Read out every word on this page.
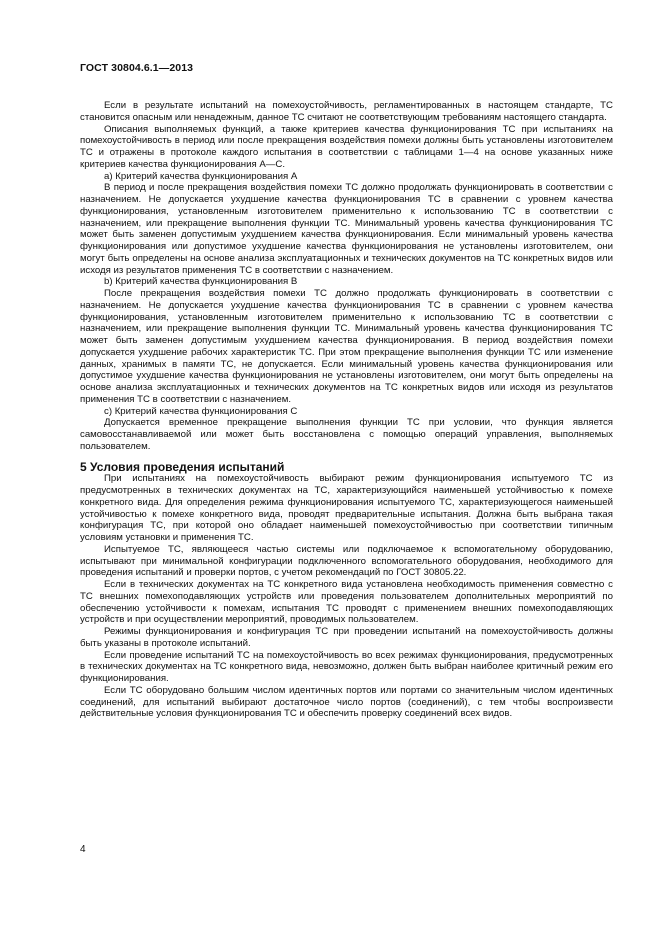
ГОСТ 30804.6.1—2013

Если в результате испытаний на помехоустойчивость, регламентированных в настоящем стандарте, ТС становится опасным или ненадежным, данное ТС считают не соответствующим требованиям настоящего стандарта.

Описания выполняемых функций, а также критериев качества функционирования ТС при испытаниях на помехоустойчивость в период или после прекращения воздействия помехи должны быть установлены изготовителем ТС и отражены в протоколе каждого испытания в соответствии с таблицами 1—4 на основе указанных ниже критериев качества функционирования А—С.

а) Критерий качества функционирования А

В период и после прекращения воздействия помехи ТС должно продолжать функционировать в соответствии с назначением. Не допускается ухудшение качества функционирования ТС в сравнении с уровнем качества функционирования, установленным изготовителем применительно к использованию ТС в соответствии с назначением, или прекращение выполнения функции ТС. Минимальный уровень качества функционирования ТС может быть заменен допустимым ухудшением качества функционирования. Если минимальный уровень качества функционирования или допустимое ухудшение качества функционирования не установлены изготовителем, они могут быть определены на основе анализа эксплуатационных и технических документов на ТС конкретных видов или исходя из результатов применения ТС в соответствии с назначением.

b) Критерий качества функционирования В

После прекращения воздействия помехи ТС должно продолжать функционировать в соответствии с назначением. Не допускается ухудшение качества функционирования ТС в сравнении с уровнем качества функционирования, установленным изготовителем применительно к использованию ТС в соответствии с назначением, или прекращение выполнения функции ТС. Минимальный уровень качества функционирования ТС может быть заменен допустимым ухудшением качества функционирования. В период воздействия помехи допускается ухудшение рабочих характеристик ТС. При этом прекращение выполнения функции ТС или изменение данных, хранимых в памяти ТС, не допускается. Если минимальный уровень качества функционирования или допустимое ухудшение качества функционирования не установлены изготовителем, они могут быть определены на основе анализа эксплуатационных и технических документов на ТС конкретных видов или исходя из результатов применения ТС в соответствии с назначением.

с) Критерий качества функционирования С

Допускается временное прекращение выполнения функции ТС при условии, что функция является самовосстанавливаемой или может быть восстановлена с помощью операций управления, выполняемых пользователем.

5 Условия проведения испытаний

При испытаниях на помехоустойчивость выбирают режим функционирования испытуемого ТС из предусмотренных в технических документах на ТС, характеризующийся наименьшей устойчивостью к помехе конкретного вида. Для определения режима функционирования испытуемого ТС, характеризующегося наименьшей устойчивостью к помехе конкретного вида, проводят предварительные испытания. Должна быть выбрана такая конфигурация ТС, при которой оно обладает наименьшей помехоустойчивостью при соответствии типичным условиям установки и применения ТС.

Испытуемое ТС, являющееся частью системы или подключаемое к вспомогательному оборудованию, испытывают при минимальной конфигурации подключенного вспомогательного оборудования, необходимого для проведения испытаний и проверки портов, с учетом рекомендаций по ГОСТ 30805.22.

Если в технических документах на ТС конкретного вида установлена необходимость применения совместно с ТС внешних помехоподавляющих устройств или проведения пользователем дополнительных мероприятий по обеспечению устойчивости к помехам, испытания ТС проводят с применением внешних помехоподавляющих устройств и при осуществлении мероприятий, проводимых пользователем.

Режимы функционирования и конфигурация ТС при проведении испытаний на помехоустойчивость должны быть указаны в протоколе испытаний.

Если проведение испытаний ТС на помехоустойчивость во всех режимах функционирования, предусмотренных в технических документах на ТС конкретного вида, невозможно, должен быть выбран наиболее критичный режим его функционирования.

Если ТС оборудовано большим числом идентичных портов или портами со значительным числом идентичных соединений, для испытаний выбирают достаточное число портов (соединений), с тем чтобы воспроизвести действительные условия функционирования ТС и обеспечить проверку соединений всех видов.

4
